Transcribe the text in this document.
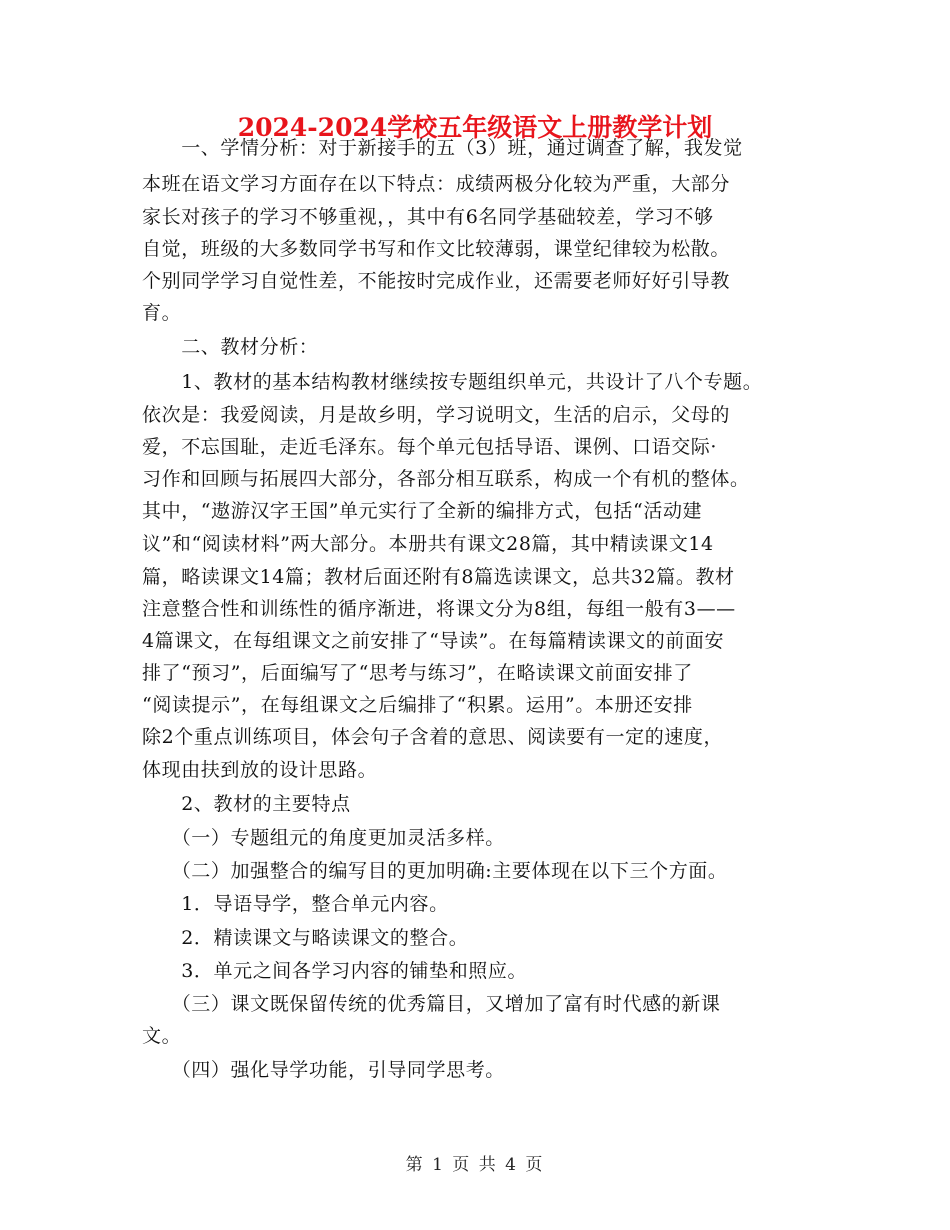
2024-2024学校五年级语文上册教学计划
　　一、学情分析：对于新接手的五（3）班，通过调查了解，我发觉
本班在语文学习方面存在以下特点：成绩两极分化较为严重，大部分
家长对孩子的学习不够重视，，其中有6名同学基础较差，学习不够
自觉，班级的大多数同学书写和作文比较薄弱，课堂纪律较为松散。
个别同学学习自觉性差，不能按时完成作业，还需要老师好好引导教
育。
　　二、教材分析：
　　1、教材的基本结构教材继续按专题组织单元，共设计了八个专题。
依次是：我爱阅读，月是故乡明，学习说明文，生活的启示，父母的
爱，不忘国耻，走近毛泽东。每个单元包括导语、课例、口语交际·
习作和回顾与拓展四大部分，各部分相互联系，构成一个有机的整体。
其中，“遨游汉字王国”单元实行了全新的编排方式，包括“活动建
议”和“阅读材料”两大部分。本册共有课文28篇，其中精读课文14
篇，略读课文14篇；教材后面还附有8篇选读课文，总共32篇。教材
注意整合性和训练性的循序渐进，将课文分为8组，每组一般有3——
4篇课文，在每组课文之前安排了“导读”。在每篇精读课文的前面安
排了“预习”，后面编写了“思考与练习”，在略读课文前面安排了
“阅读提示”，在每组课文之后编排了“积累。运用”。本册还安排
除2个重点训练项目，体会句子含着的意思、阅读要有一定的速度，
体现由扶到放的设计思路。
　　2、教材的主要特点
　　（一）专题组元的角度更加灵活多样。
　　（二）加强整合的编写目的更加明确:主要体现在以下三个方面。
　　1．导语导学，整合单元内容。
　　2．精读课文与略读课文的整合。
　　3．单元之间各学习内容的铺垫和照应。
　　（三）课文既保留传统的优秀篇目，又增加了富有时代感的新课
文。
　　（四）强化导学功能，引导同学思考。
第 1 页 共 4 页
